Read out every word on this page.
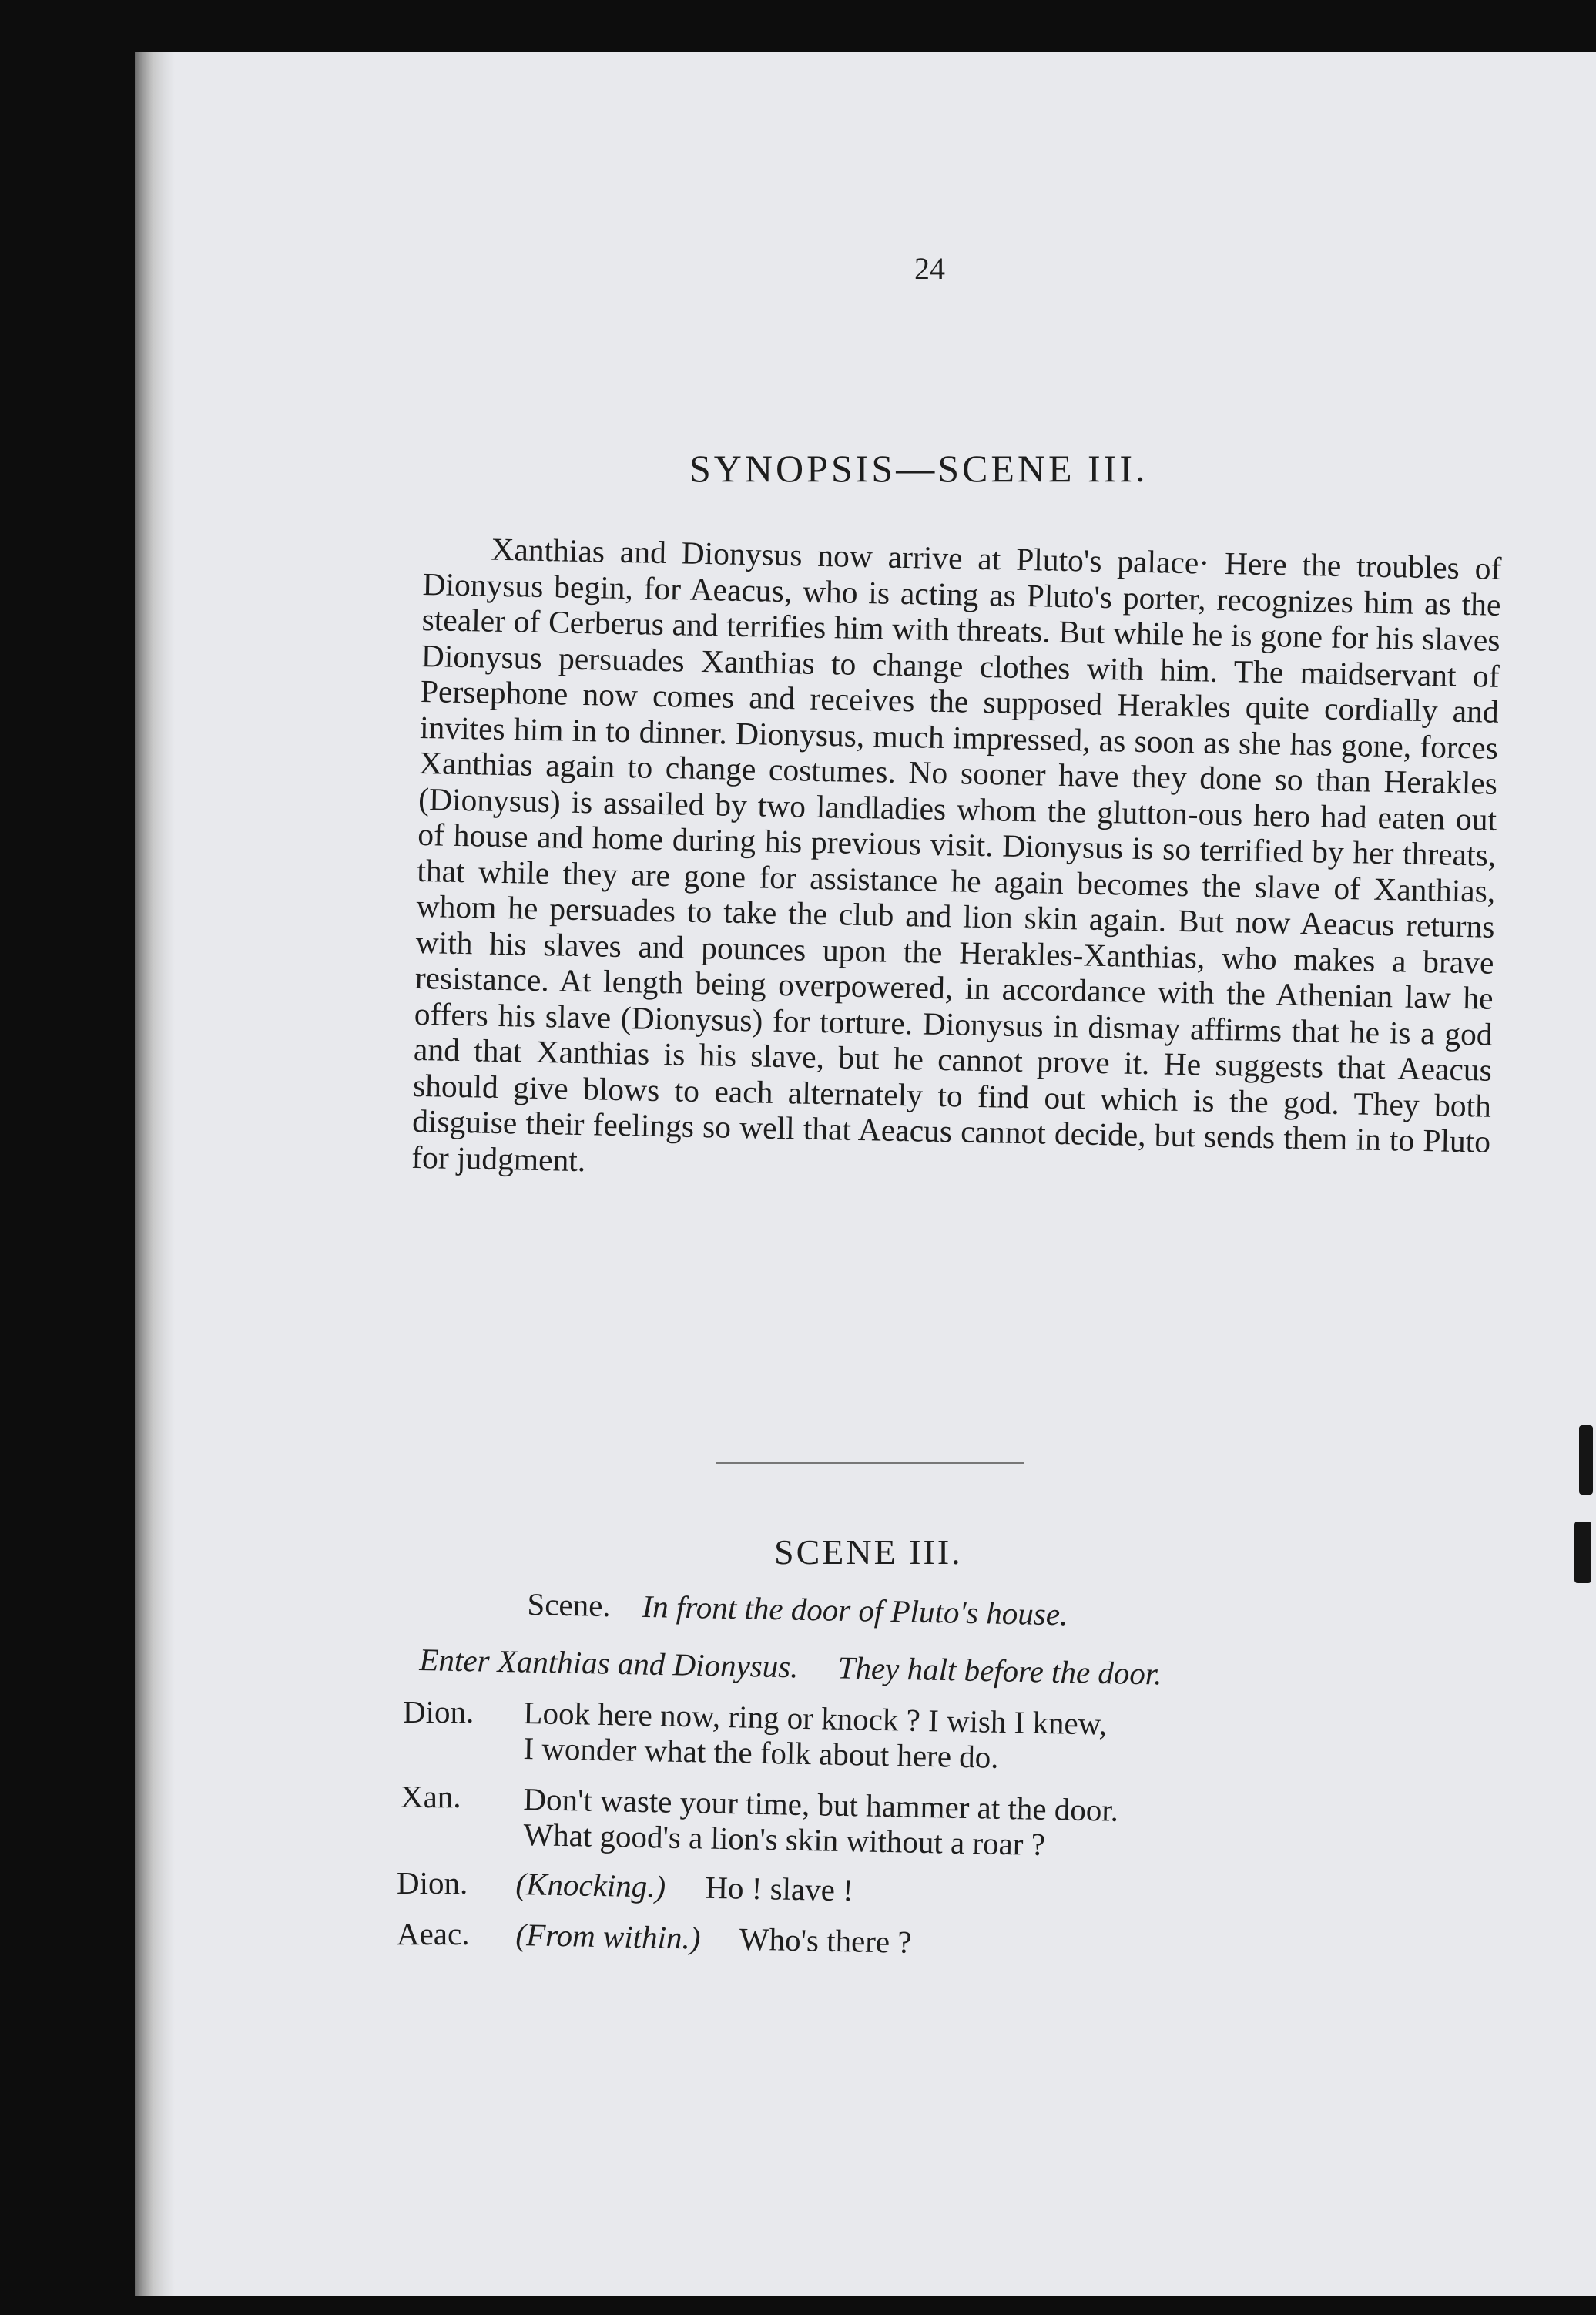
24
SYNOPSIS—SCENE III.

Xanthias and Dionysus now arrive at Pluto's palace· Here the troubles of Dionysus begin, for Aeacus, who is acting as Pluto's porter, recognizes him as the stealer of Cerberus and terrifies him with threats. But while he is gone for his slaves Dionysus persuades Xanthias to change clothes with him. The maidservant of Persephone now comes and receives the supposed Herakles quite cordially and invites him in to dinner. Dionysus, much impressed, as soon as she has gone, forces Xanthias again to change costumes. No sooner have they done so than Herakles (Dionysus) is assailed by two landladies whom the glutton-ous hero had eaten out of house and home during his previous visit. Dionysus is so terrified by her threats, that while they are gone for assistance he again becomes the slave of Xanthias, whom he persuades to take the club and lion skin again. But now Aeacus returns with his slaves and pounces upon the Herakles-Xanthias, who makes a brave resistance. At length being overpowered, in accordance with the Athenian law he offers his slave (Dionysus) for torture. Dionysus in dismay affirms that he is a god and that Xanthias is his slave, but he cannot prove it. He suggests that Aeacus should give blows to each alternately to find out which is the god. They both disguise their feelings so well that Aeacus cannot decide, but sends them in to Pluto for judgment.

SCENE III.
Scene. In front the door of Pluto's house.
Enter Xanthias and Dionysus. They halt before the door.
Dion. Look here now, ring or knock ? I wish I knew,
I wonder what the folk about here do.
Xan. Don't waste your time, but hammer at the door.
What good's a lion's skin without a roar ?
Dion. (Knocking.) Ho ! slave !
Aeac. (From within.) Who's there ?
